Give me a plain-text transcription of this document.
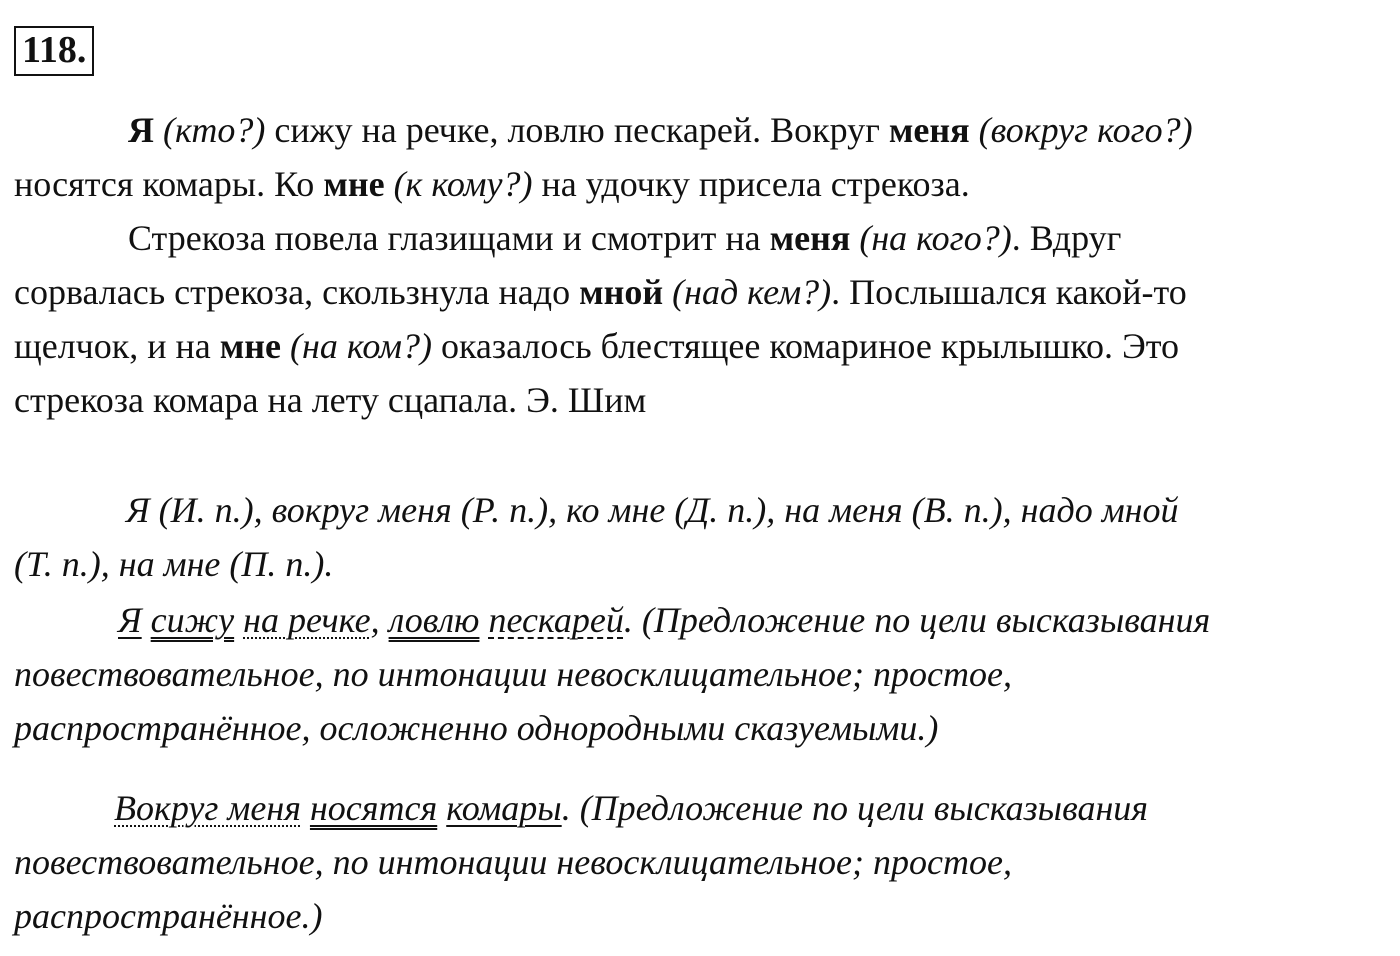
118.
Я (кто?) сижу на речке, ловлю пескарей. Вокруг меня (вокруг кого?)
носятся комары. Ко мне (к кому?) на удочку присела стрекоза.
Стрекоза повела глазищами и смотрит на меня (на кого?). Вдруг
сорвалась стрекоза, скользнула надо мной (над кем?). Послышался какой-то
щелчок, и на мне (на ком?) оказалось блестящее комариное крылышко. Это
стрекоза комара на лету сцапала. Э. Шим
Я (И. п.), вокруг меня (Р. п.), ко мне (Д. п.), на меня (В. п.), надо мной
(Т. п.), на мне (П. п.).
Я сижу на речке, ловлю пескарей. (Предложение по цели высказывания
повествовательное, по интонации невосклицательное; простое,
распространённое, осложненно однородными сказуемыми.)
Вокруг меня носятся комары. (Предложение по цели высказывания
повествовательное, по интонации невосклицательное; простое,
распространённое.)
